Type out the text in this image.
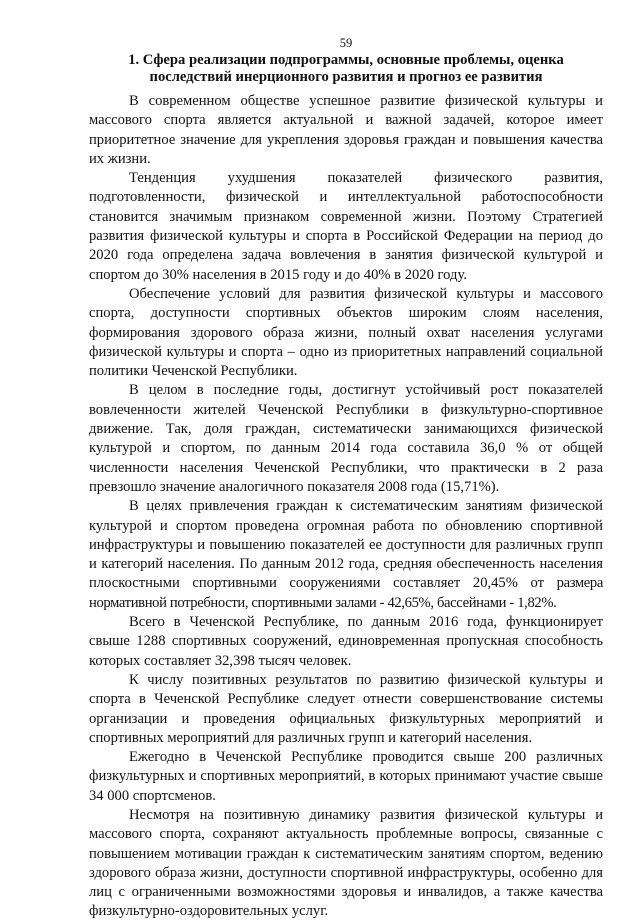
59
1. Сфера реализации подпрограммы, основные проблемы, оценка последствий инерционного развития и прогноз ее развития

В современном обществе успешное развитие физической культуры и массового спорта является актуальной и важной задачей, которое имеет приоритетное значение для укрепления здоровья граждан и повышения качества их жизни.

Тенденция ухудшения показателей физического развития, подготовленности, физической и интеллектуальной работоспособности становится значимым признаком современной жизни. Поэтому Стратегией развития физической культуры и спорта в Российской Федерации на период до 2020 года определена задача вовлечения в занятия физической культурой и спортом до 30% населения в 2015 году и до 40% в 2020 году.

Обеспечение условий для развития физической культуры и массового спорта, доступности спортивных объектов широким слоям населения, формирования здорового образа жизни, полный охват населения услугами физической культуры и спорта – одно из приоритетных направлений социальной политики Чеченской Республики.

В целом в последние годы, достигнут устойчивый рост показателей вовлеченности жителей Чеченской Республики в физкультурно-спортивное движение. Так, доля граждан, систематически занимающихся физической культурой и спортом, по данным 2014 года составила 36,0 % от общей численности населения Чеченской Республики, что практически в 2 раза превзошло значение аналогичного показателя 2008 года (15,71%).

В целях привлечения граждан к систематическим занятиям физической культурой и спортом проведена огромная работа по обновлению спортивной инфраструктуры и повышению показателей ее доступности для различных групп и категорий населения. По данным 2012 года, средняя обеспеченность населения плоскостными спортивными сооружениями составляет 20,45% от размера нормативной потребности, спортивными залами - 42,65%, бассейнами - 1,82%.

Всего в Чеченской Республике, по данным 2016 года, функционирует свыше 1288 спортивных сооружений, единовременная пропускная способность которых составляет 32,398 тысяч человек.

К числу позитивных результатов по развитию физической культуры и спорта в Чеченской Республике следует отнести совершенствование системы организации и проведения официальных физкультурных мероприятий и спортивных мероприятий для различных групп и категорий населения.

Ежегодно в Чеченской Республике проводится свыше 200 различных физкультурных и спортивных мероприятий, в которых принимают участие свыше 34 000 спортсменов.

Несмотря на позитивную динамику развития физической культуры и массового спорта, сохраняют актуальность проблемные вопросы, связанные с повышением мотивации граждан к систематическим занятиям спортом, ведению здорового образа жизни, доступности спортивной инфраструктуры, особенно для лиц с ограниченными возможностями здоровья и инвалидов, а также качества физкультурно-оздоровительных услуг.
